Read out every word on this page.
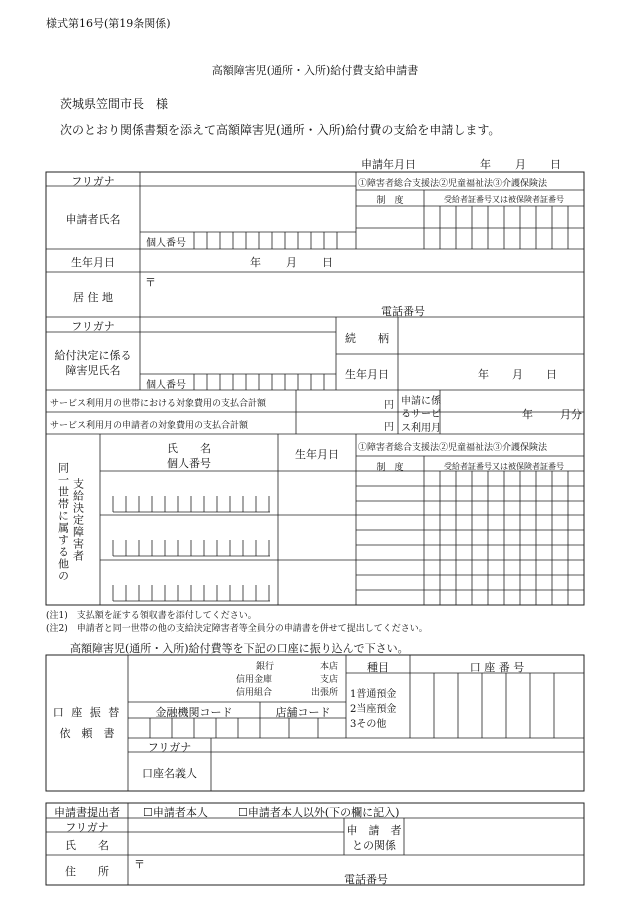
様式第16号(第19条関係)
高額障害児(通所・入所)給付費支給申請書
茨城県笠間市長　様
次のとおり関係書類を添えて高額障害児(通所・入所)給付費の支給を申請します。
申請年月日	年 月 日
フリガナ
申請者氏名
個人番号
①障害者総合支援法②児童福祉法③介護保険法
制　度	受給者証番号又は被保険者証番号
生年月日	年 月 日
居 住 地
〒
電話番号
フリガナ
給付決定に係る
障害児氏名
個人番号
続　　柄
生年月日	年 月 日
サービス利用月の世帯における対象費用の支払合計額	円
サービス利用月の申請者の対象費用の支払合計額	円
申請に係
るサービ
ス利用月
年 月分
同一世帯に属する他の 支給決定障害者
氏　　名
個人番号
生年月日	①障害者総合支援法②児童福祉法③介護保険法
制　度	受給者証番号又は被保険者証番号
(注1)　支払額を証する領収書を添付してください。
(注2)　申請者と同一世帯の他の支給決定障害者等全員分の申請書を併せて提出してください。
高額障害児(通所・入所)給付費等を下記の口座に振り込んで下さい。
口 座 振 替
依　頼　書
銀行
信用金庫
信用組合
本店
支店
出張所
種目	口 座 番 号
1普通預金
2当座預金
3その他
金融機関コード	店舗コード
フリガナ
口座名義人
申請書提出者	☐申請者本人	☐申請者本人以外(下の欄に記入)
フリガナ
氏　　名
申　請　者
との関係
住　　所
〒
電話番号
